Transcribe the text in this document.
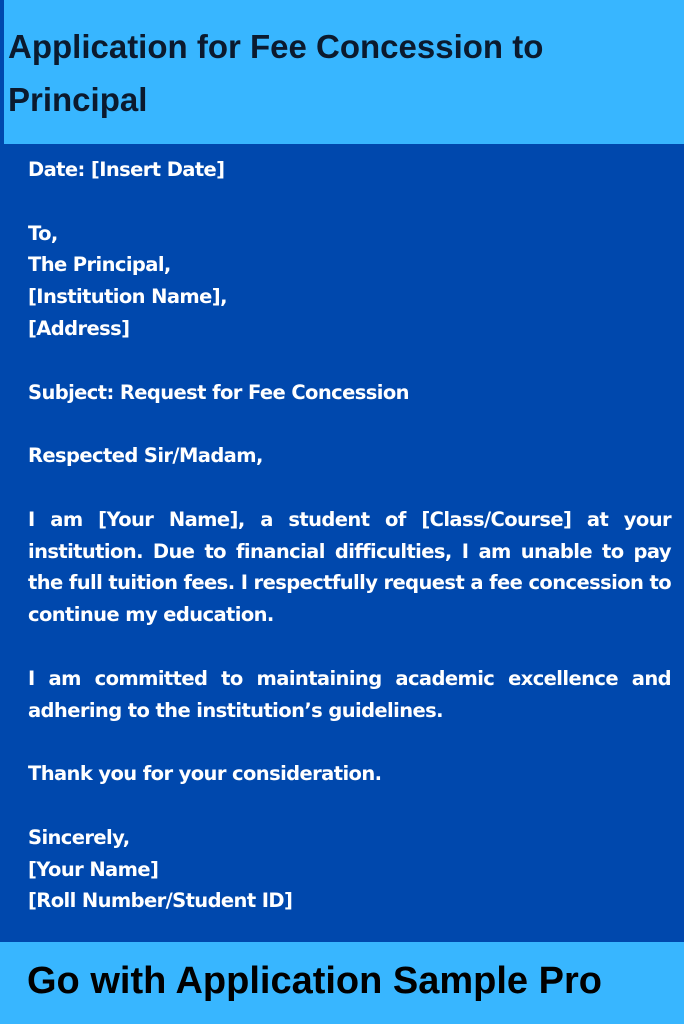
Application for Fee Concession to Principal

Date: [Insert Date]

To,
The Principal,
[Institution Name],
[Address]

Subject: Request for Fee Concession

Respected Sir/Madam,

I am [Your Name], a student of [Class/Course] at your institution. Due to financial difficulties, I am unable to pay the full tuition fees. I respectfully request a fee concession to continue my education.

I am committed to maintaining academic excellence and adhering to the institution’s guidelines.

Thank you for your consideration.

Sincerely,
[Your Name]
[Roll Number/Student ID]

Go with Application Sample Pro
